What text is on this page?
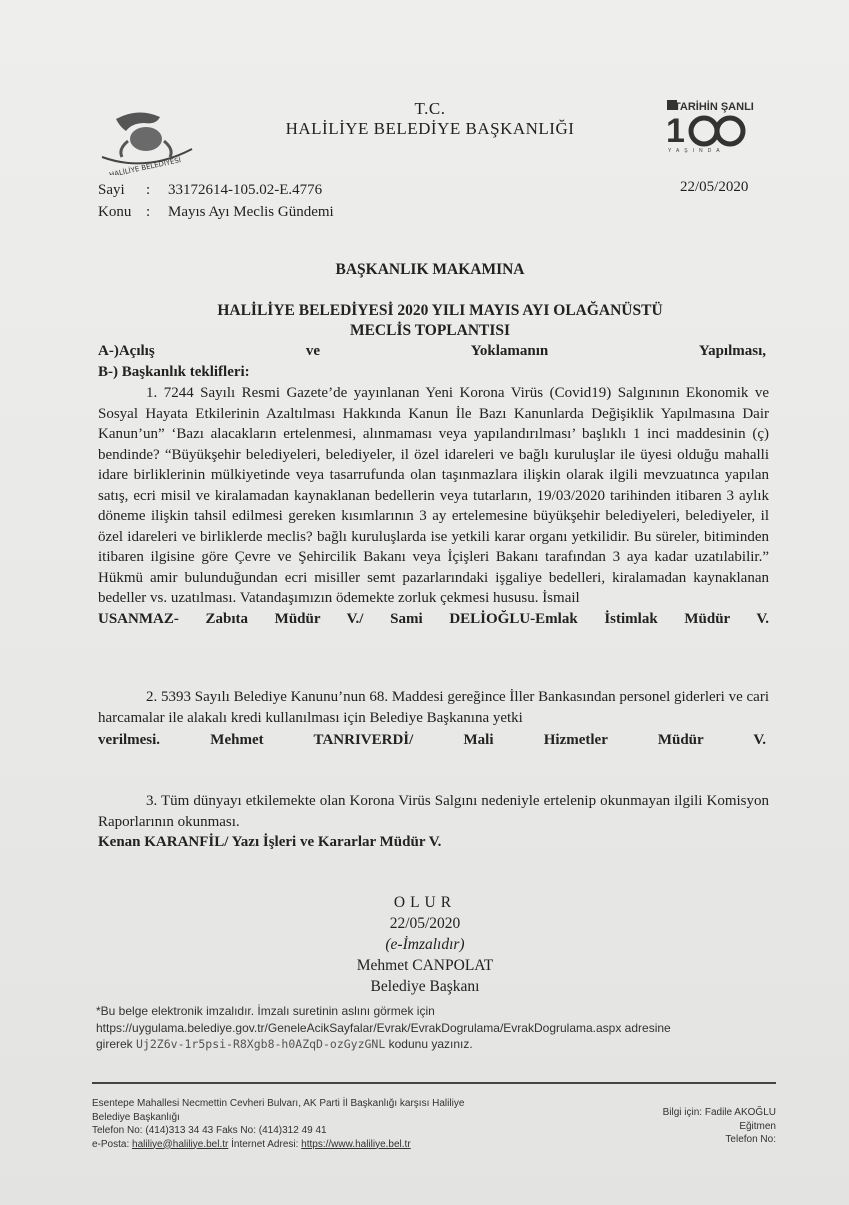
HALİLİYE BELEDİYESİ
TARİHİN ŞANLI
1
YAŞINDA
T.C.
HALİLİYE BELEDİYE BAŞKANLIĞI
Sayi : 33172614-105.02-E.4776
Konu : Mayıs Ayı Meclis Gündemi
22/05/2020
BAŞKANLIK MAKAMINA
HALİLİYE BELEDİYESİ 2020 YILI MAYIS AYI OLAĞANÜSTÜ
MECLİS TOPLANTISI
A-)Açılış ve Yoklamanın Yapılması,
B-) Başkanlık teklifleri:

1. 7244 Sayılı Resmi Gazete’de yayınlanan Yeni Korona Virüs (Covid19) Salgınının Ekonomik ve Sosyal Hayata Etkilerinin Azaltılması Hakkında Kanun İle Bazı Kanunlarda Değişiklik Yapılmasına Dair Kanun’un” ‘Bazı alacakların ertelenmesi, alınmaması veya yapılandırılması’ başlıklı 1 inci maddesinin (ç) bendinde? “Büyükşehir belediyeleri, belediyeler, il özel idareleri ve bağlı kuruluşlar ile üyesi olduğu mahalli idare birliklerinin mülkiyetinde veya tasarrufunda olan taşınmazlara ilişkin olarak ilgili mevzuatınca yapılan satış, ecri misil ve kiralamadan kaynaklanan bedellerin veya tutarların, 19/03/2020 tarihinden itibaren 3 aylık döneme ilişkin tahsil edilmesi gereken kısımlarının 3 ay ertelemesine büyükşehir belediyeleri, belediyeler, il özel idareleri ve birliklerde meclis? bağlı kuruluşlarda ise yetkili karar organı yetkilidir. Bu süreler, bitiminden itibaren ilgisine göre Çevre ve Şehircilik Bakanı veya İçişleri Bakanı tarafından 3 aya kadar uzatılabilir.” Hükmü amir bulunduğundan ecri misiller semt pazarlarındaki işgaliye bedelleri, kiralamadan kaynaklanan bedeller vs. uzatılması. Vatandaşımızın ödemekte zorluk çekmesi hususu. İsmail

USANMAZ- Zabıta Müdür V./ Sami DELİOĞLU-Emlak İstimlak Müdür V.

2. 5393 Sayılı Belediye Kanunu’nun 68. Maddesi gereğince İller Bankasından personel giderleri ve cari harcamalar ile alakalı kredi kullanılması için Belediye Başkanına yetki

verilmesi. Mehmet TANRIVERDİ/ Mali Hizmetler Müdür V.

3. Tüm dünyayı etkilemekte olan Korona Virüs Salgını nedeniyle ertelenip okunmayan ilgili Komisyon Raporlarının okunması.

Kenan KARANFİL/ Yazı İşleri ve Kararlar Müdür V.

OLUR
22/05/2020
(e-İmzalıdır)
Mehmet CANPOLAT
Belediye Başkanı
*Bu belge elektronik imzalıdır. İmzalı suretinin aslını görmek için
https://uygulama.belediye.gov.tr/GeneleAcikSayfalar/Evrak/EvrakDogrulama/EvrakDogrulama.aspx adresine
girerek Uj2Z6v-1r5psi-R8Xgb8-h0AZqD-ozGyzGNL kodunu yazınız.
Esentepe Mahallesi Necmettin Cevheri Bulvarı, AK Parti İl Başkanlığı karşısı Haliliye
Belediye Başkanlığı
Telefon No: (414)313 34 43 Faks No: (414)312 49 41
e-Posta: haliliye@haliliye.bel.tr İnternet Adresi: https://www.haliliye.bel.tr
Bilgi için: Fadile AKOĞLU
Eğitmen
Telefon No:
